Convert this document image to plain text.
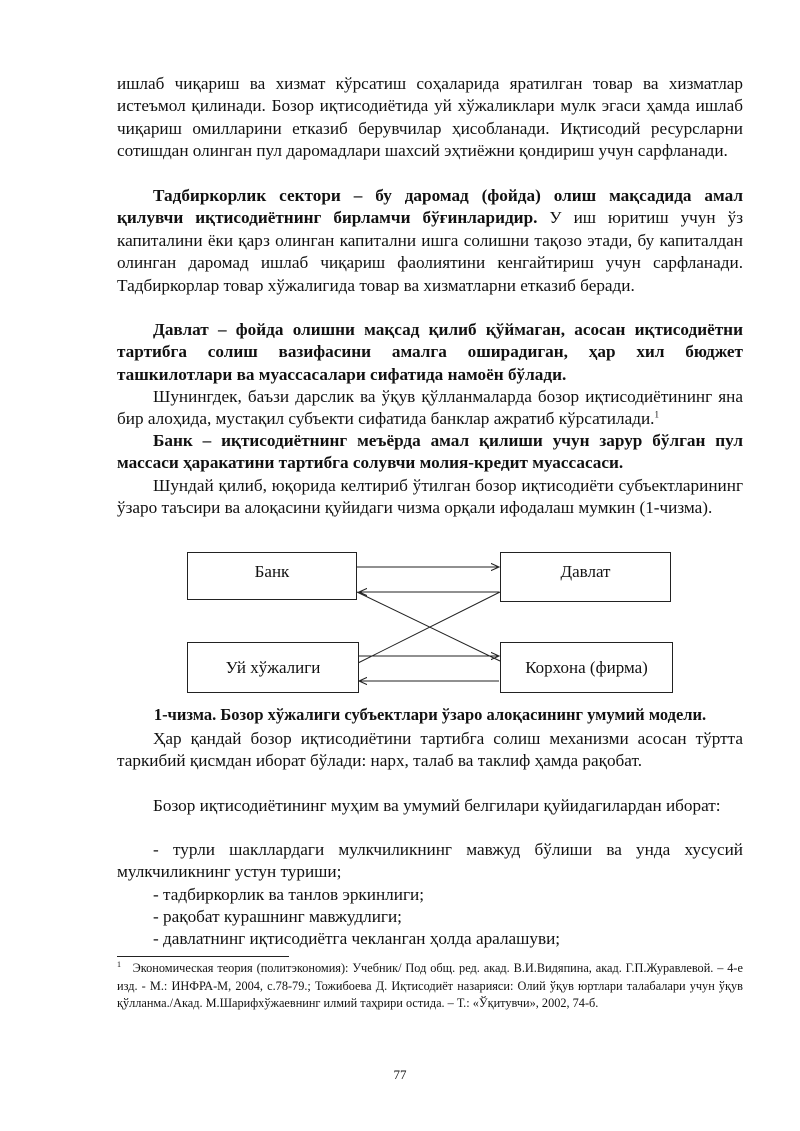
ишлаб чиқариш ва хизмат кўрсатиш соҳаларида яратилган товар ва хизматлар истеъмол қилинади. Бозор иқтисодиётида уй хўжаликлари мулк эгаси ҳамда ишлаб чиқариш омилларини етказиб берувчилар ҳисобланади. Иқтисодий ресурсларни сотишдан олинган пул даромадлари шахсий эҳтиёжни қондириш учун сарфланади.

Тадбиркорлик сектори – бу даромад (фойда) олиш мақсадида амал қилувчи иқтисодиётнинг бирламчи бўғинларидир. У иш юритиш учун ўз капиталини ёки қарз олинган капитални ишга солишни тақозо этади, бу капиталдан олинган даромад ишлаб чиқариш фаолиятини кенгайтириш учун сарфланади. Тадбиркорлар товар хўжалигида товар ва хизматларни етказиб беради.

Давлат – фойда олишни мақсад қилиб қўймаган, асосан иқтисодиётни тартибга солиш вазифасини амалга оширадиган, ҳар хил бюджет ташкилотлари ва муассасалари сифатида намоён бўлади.

Шунингдек, баъзи дарслик ва ўқув қўлланмаларда бозор иқтисодиётининг яна бир алоҳида, мустақил субъекти сифатида банклар ажратиб кўрсатилади.$^1$

Банк – иқтисодиётнинг меъёрда амал қилиши учун зарур бўлган пул массаси ҳаракатини тартибга солувчи молия-кредит муассасаси.

Шундай қилиб, юқорида келтириб ўтилган бозор иқтисодиёти субъектларининг ўзаро таъсири ва алоқасини қуйидаги чизма орқали ифодалаш мумкин (1-чизма).

Банк	Давлат
Уй хўжалиги	Корхона (фирма)

1-чизма. Бозор хўжалиги субъектлари ўзаро алоқасининг умумий модели.

Ҳар қандай бозор иқтисодиётини тартибга солиш механизми асосан тўртта таркибий қисмдан иборат бўлади: нарх, талаб ва таклиф ҳамда рақобат.

Бозор иқтисодиётининг муҳим ва умумий белгилари қуйидагилардан иборат:

- турли шакллардаги мулкчиликнинг мавжуд бўлиши ва унда хусусий мулкчиликнинг устун туриши;

- тадбиркорлик ва танлов эркинлиги;

- рақобат курашнинг мавжудлиги;

- давлатнинг иқтисодиётга чекланган ҳолда аралашуви;

$^1$ Экономическая теория (политэкономия): Учебник/ Под общ. ред. акад. В.И.Видяпина, акад. Г.П.Журавлевой. – 4-е изд. - М.: ИНФРА-М, 2004, с.78-79.; Тожибоева Д. Иқтисодиёт назарияси: Олий ўқув юртлари талабалари учун ўқув қўлланма./Акад. М.Шарифхўжаевнинг илмий таҳрири остида. – Т.: «Ўқитувчи», 2002, 74-б.

77
